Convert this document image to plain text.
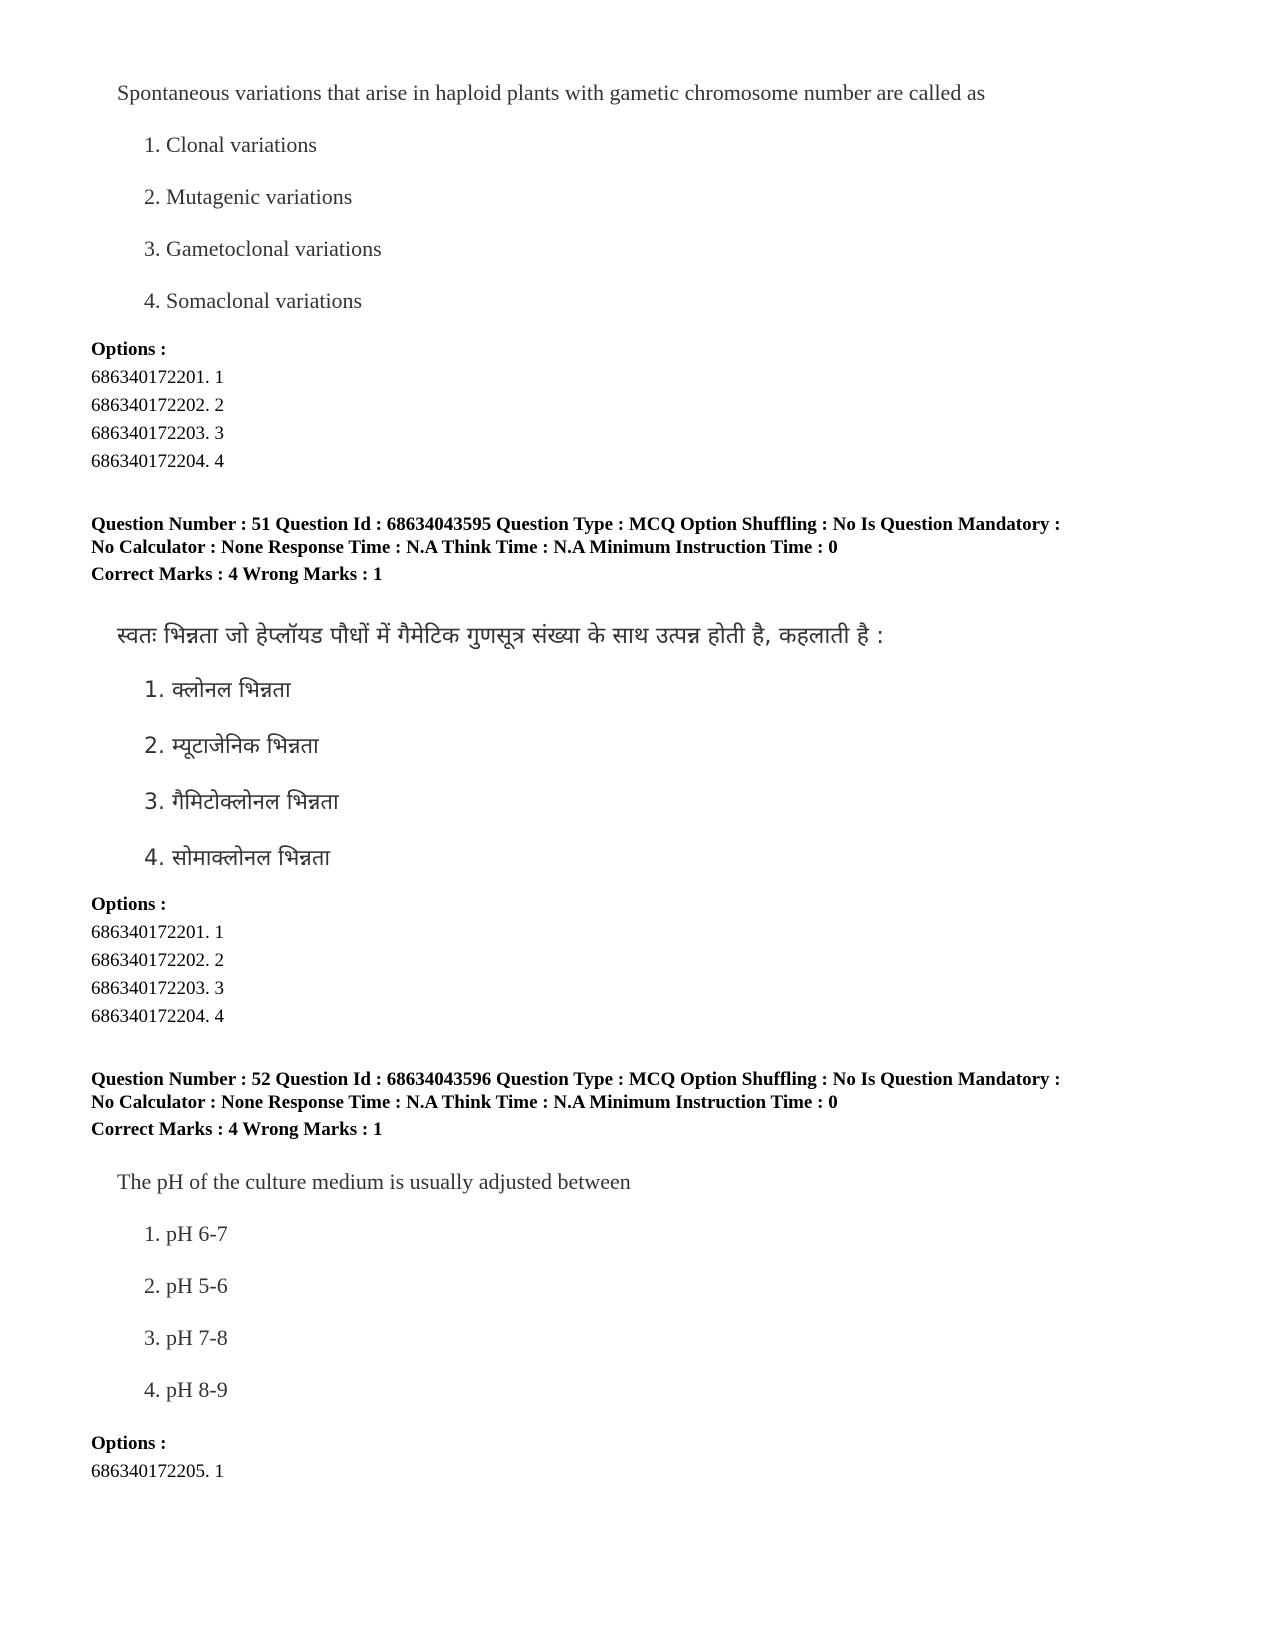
Spontaneous variations that arise in haploid plants with gametic chromosome number are called as
1. Clonal variations
2. Mutagenic variations
3. Gametoclonal variations
4. Somaclonal variations
Options :
686340172201. 1
686340172202. 2
686340172203. 3
686340172204. 4
Question Number : 51 Question Id : 68634043595 Question Type : MCQ Option Shuffling : No Is Question Mandatory :
No Calculator : None Response Time : N.A Think Time : N.A Minimum Instruction Time : 0
Correct Marks : 4 Wrong Marks : 1
स्वतः भिन्नता जो हेप्लॉयड पौधों में गैमेटिक गुणसूत्र संख्या के साथ उत्पन्न होती है, कहलाती है :
1. क्लोनल भिन्नता
2. म्यूटाजेनिक भिन्नता
3. गैमिटोक्लोनल भिन्नता
4. सोमाक्लोनल भिन्नता
Options :
686340172201. 1
686340172202. 2
686340172203. 3
686340172204. 4
Question Number : 52 Question Id : 68634043596 Question Type : MCQ Option Shuffling : No Is Question Mandatory :
No Calculator : None Response Time : N.A Think Time : N.A Minimum Instruction Time : 0
Correct Marks : 4 Wrong Marks : 1
The pH of the culture medium is usually adjusted between
1. pH 6-7
2. pH 5-6
3. pH 7-8
4. pH 8-9
Options :
686340172205. 1
